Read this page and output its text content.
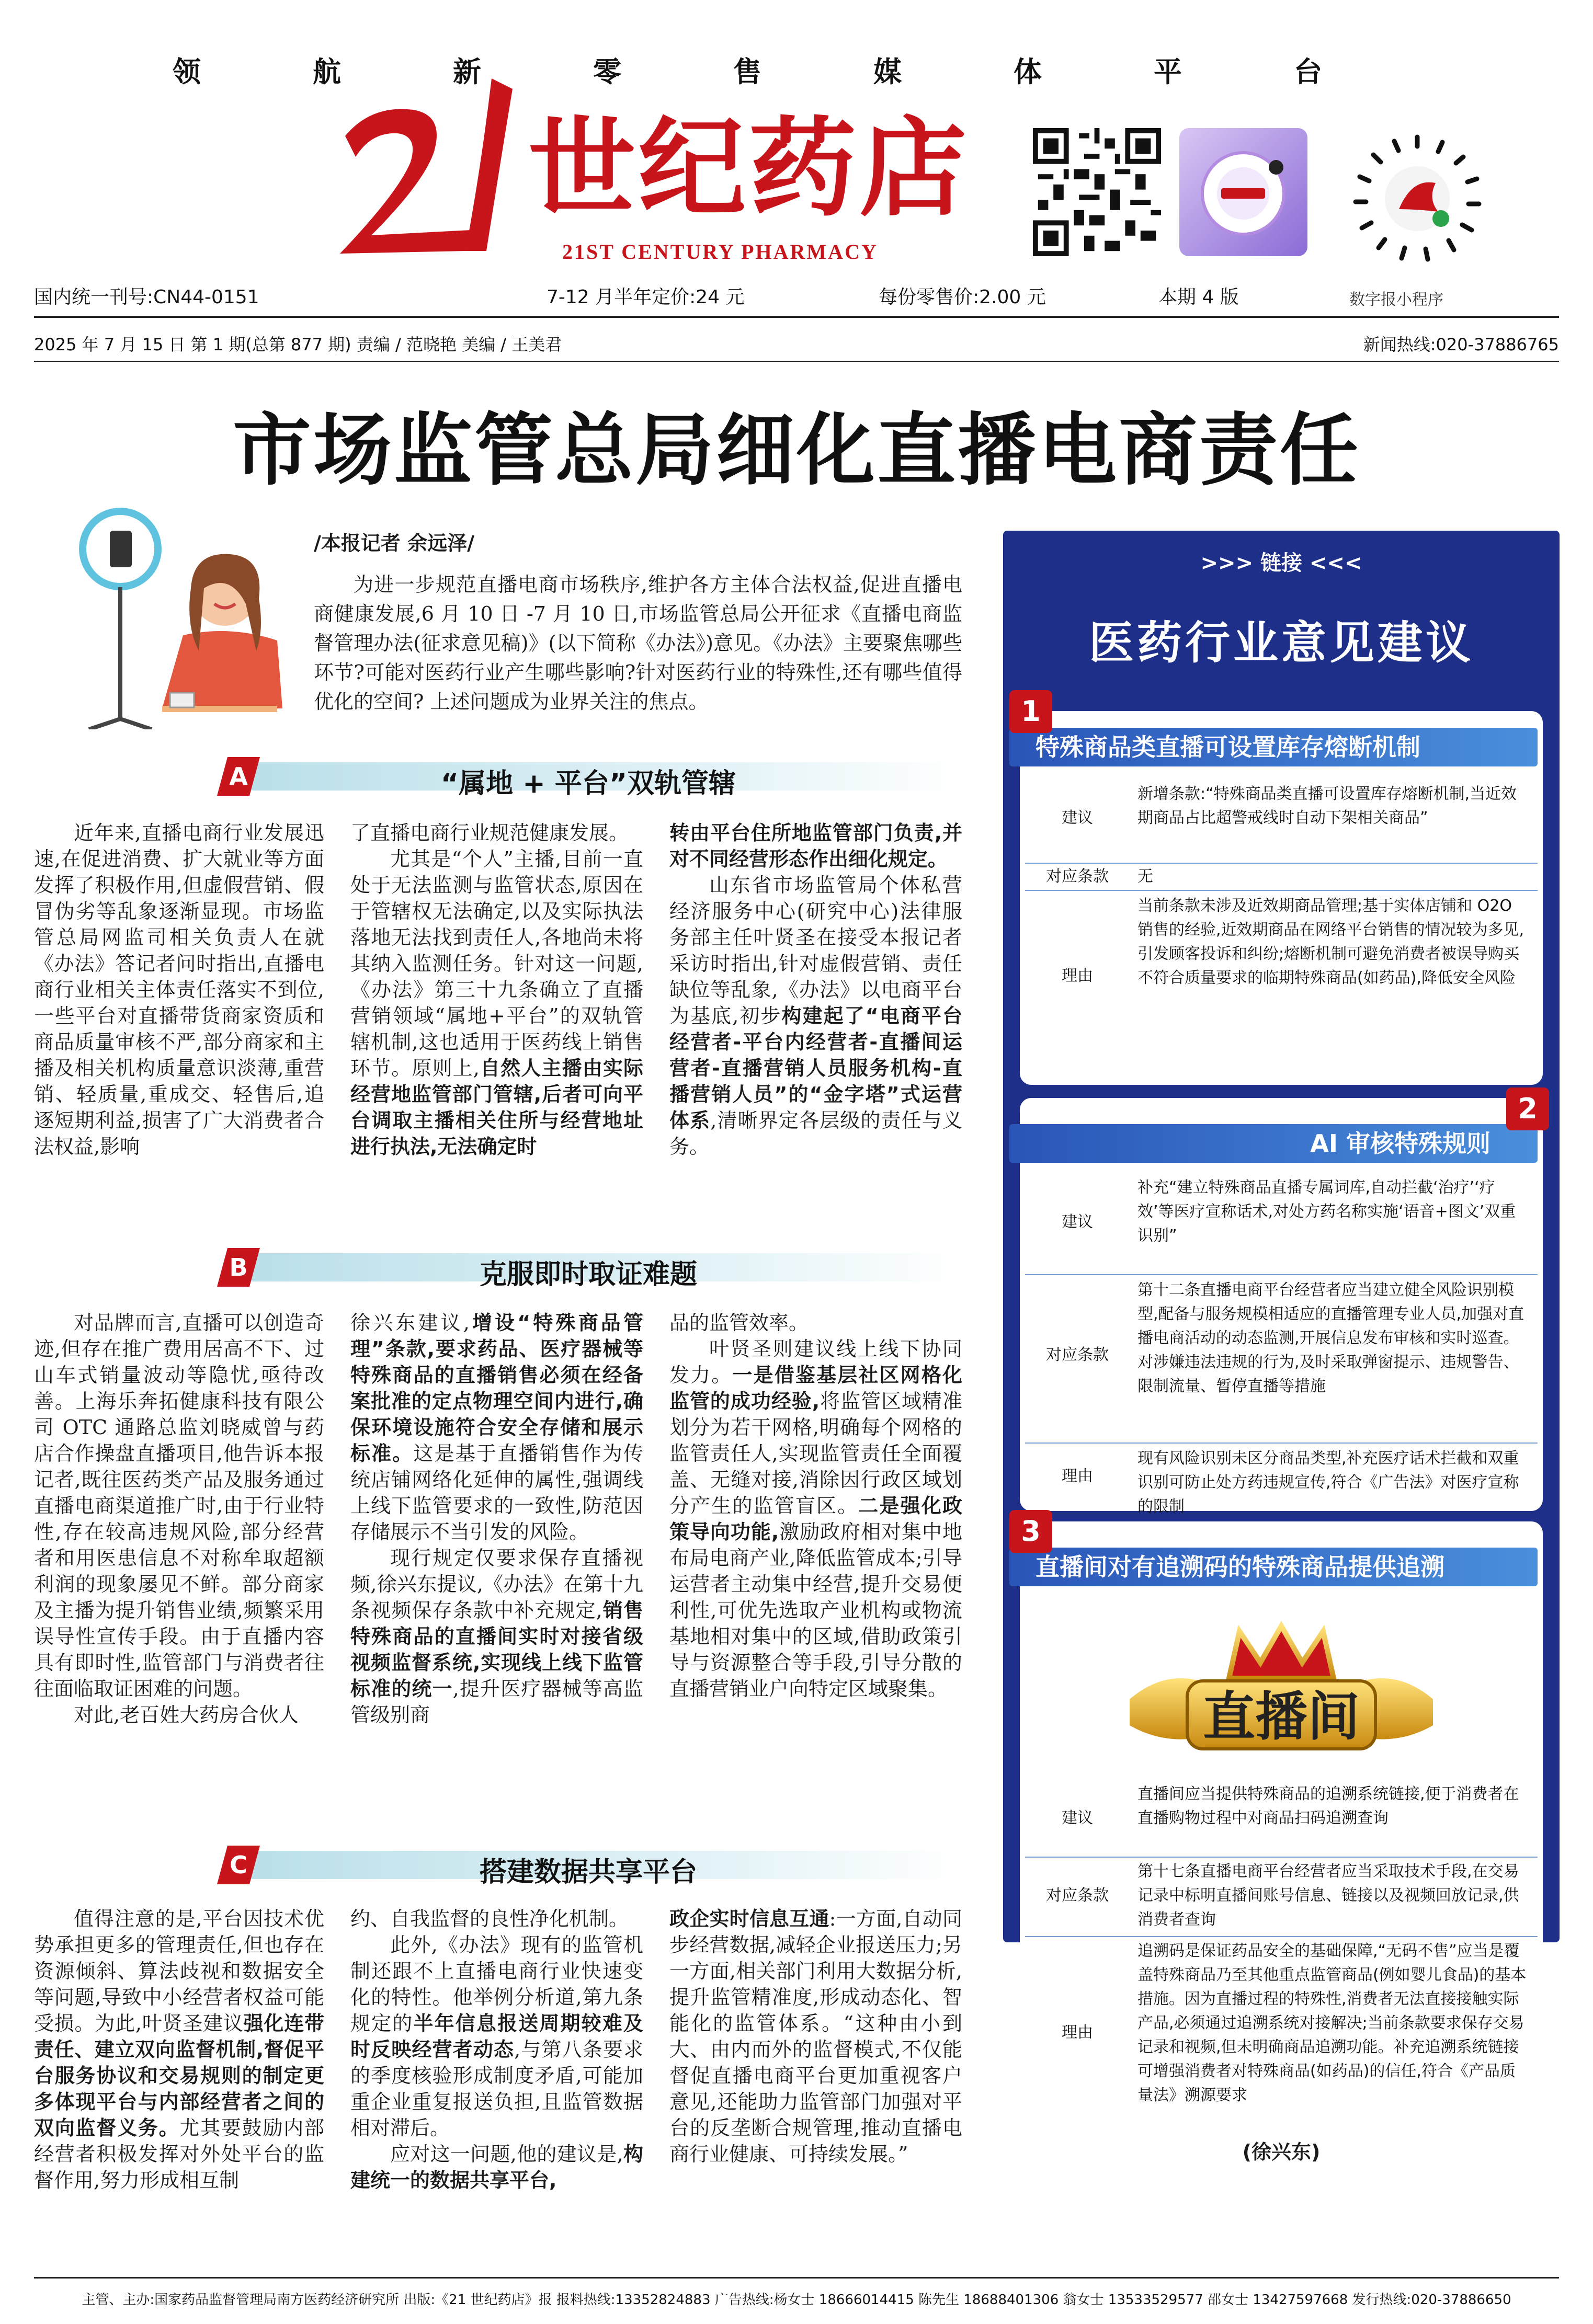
领	航	新	零	售	媒	体	平	台
世纪药店
21ST CENTURY PHARMACY
数字报小程序
国内统一刊号:CN44-0151	7-12 月半年定价:24 元	每份零售价:2.00 元	本期 4 版
2025 年 7 月 15 日 第 1 期(总第 877 期) 责编 / 范晓艳 美编 / 王美君	新闻热线:020-37886765
市场监管总局细化直播电商责任
/本报记者 余远泽/
为进一步规范直播电商市场秩序,维护各方主体合法权益,促进直播电商健康发展,6 月 10 日 -7 月 10 日,市场监管总局公开征求《直播电商监督管理办法(征求意见稿)》(以下简称《办法》)意见。《办法》主要聚焦哪些环节?可能对医药行业产生哪些影响?针对医药行业的特殊性,还有哪些值得优化的空间? 上述问题成为业界关注的焦点。
A	“属地 + 平台”双轨管辖

近年来,直播电商行业发展迅速,在促进消费、扩大就业等方面发挥了积极作用,但虚假营销、假冒伪劣等乱象逐渐显现。市场监管总局网监司相关负责人在就《办法》答记者问时指出,直播电商行业相关主体责任落实不到位,一些平台对直播带货商家资质和商品质量审核不严,部分商家和主播及相关机构质量意识淡薄,重营销、轻质量,重成交、轻售后,追逐短期利益,损害了广大消费者合法权益,影响

了直播电商行业规范健康发展。

尤其是“个人”主播,目前一直处于无法监测与监管状态,原因在于管辖权无法确定,以及实际执法落地无法找到责任人,各地尚未将其纳入监测任务。针对这一问题,《办法》第三十九条确立了直播营销领域“属地+平台”的双轨管辖机制,这也适用于医药线上销售环节。原则上,自然人主播由实际经营地监管部门管辖,后者可向平台调取主播相关住所与经营地址进行执法,无法确定时

转由平台住所地监管部门负责,并对不同经营形态作出细化规定。

山东省市场监管局个体私营经济服务中心(研究中心)法律服务部主任叶贤圣在接受本报记者采访时指出,针对虚假营销、责任缺位等乱象,《办法》以电商平台为基底,初步构建起了“电商平台经营者-平台内经营者-直播间运营者-直播营销人员服务机构-直播营销人员”的“金字塔”式运营体系,清晰界定各层级的责任与义务。

B	克服即时取证难题

对品牌而言,直播可以创造奇迹,但存在推广费用居高不下、过山车式销量波动等隐忧,亟待改善。上海乐奔拓健康科技有限公司 OTC 通路总监刘晓威曾与药店合作操盘直播项目,他告诉本报记者,既往医药类产品及服务通过直播电商渠道推广时,由于行业特性,存在较高违规风险,部分经营者和用医患信息不对称牟取超额利润的现象屡见不鲜。部分商家及主播为提升销售业绩,频繁采用误导性宣传手段。由于直播内容具有即时性,监管部门与消费者往往面临取证困难的问题。

对此,老百姓大药房合伙人

徐兴东建议,增设“特殊商品管理”条款,要求药品、医疗器械等特殊商品的直播销售必须在经备案批准的定点物理空间内进行,确保环境设施符合安全存储和展示标准。这是基于直播销售作为传统店铺网络化延伸的属性,强调线上线下监管要求的一致性,防范因存储展示不当引发的风险。

现行规定仅要求保存直播视频,徐兴东提议,《办法》在第十九条视频保存条款中补充规定,销售特殊商品的直播间实时对接省级视频监督系统,实现线上线下监管标准的统一,提升医疗器械等高监管级别商

品的监管效率。

叶贤圣则建议线上线下协同发力。一是借鉴基层社区网格化监管的成功经验,将监管区域精准划分为若干网格,明确每个网格的监管责任人,实现监管责任全面覆盖、无缝对接,消除因行政区域划分产生的监管盲区。二是强化政策导向功能,激励政府相对集中地布局电商产业,降低监管成本;引导运营者主动集中经营,提升交易便利性,可优先选取产业机构或物流基地相对集中的区域,借助政策引导与资源整合等手段,引导分散的直播营销业户向特定区域聚集。

C	搭建数据共享平台

值得注意的是,平台因技术优势承担更多的管理责任,但也存在资源倾斜、算法歧视和数据安全等问题,导致中小经营者权益可能受损。为此,叶贤圣建议强化连带责任、建立双向监督机制,督促平台服务协议和交易规则的制定更多体现平台与内部经营者之间的双向监督义务。尤其要鼓励内部经营者积极发挥对外处平台的监督作用,努力形成相互制

约、自我监督的良性净化机制。

此外,《办法》现有的监管机制还跟不上直播电商行业快速变化的特性。他举例分析道,第九条规定的半年信息报送周期较难及时反映经营者动态,与第八条要求的季度核验形成制度矛盾,可能加重企业重复报送负担,且监管数据相对滞后。

应对这一问题,他的建议是,构建统一的数据共享平台,

政企实时信息互通:一方面,自动同步经营数据,减轻企业报送压力;另一方面,相关部门利用大数据分析,提升监管精准度,形成动态化、智能化的监管体系。“这种由小到大、由内而外的监督模式,不仅能督促直播电商平台更加重视客户意见,还能助力监管部门加强对平台的反垄断合规管理,推动直播电商行业健康、可持续发展。”

>>> 链接 <<<
医药行业意见建议
特殊商品类直播可设置库存熔断机制
1
建议
新增条款:“特殊商品类直播可设置库存熔断机制,当近效期商品占比超警戒线时自动下架相关商品”
对应条款	无
理由
当前条款未涉及近效期商品管理;基于实体店铺和 O2O 销售的经验,近效期商品在网络平台销售的情况较为多见,引发顾客投诉和纠纷;熔断机制可避免消费者被误导购买不符合质量要求的临期特殊商品(如药品),降低安全风险
AI 审核特殊规则
2
建议
补充“建立特殊商品直播专属词库,自动拦截‘治疗’‘疗效’等医疗宣称话术,对处方药名称实施‘语音+图文’双重识别”
对应条款
第十二条直播电商平台经营者应当建立健全风险识别模型,配备与服务规模相适应的直播管理专业人员,加强对直播电商活动的动态监测,开展信息发布审核和实时巡查。对涉嫌违法违规的行为,及时采取弹窗提示、违规警告、限制流量、暂停直播等措施
理由
现有风险识别未区分商品类型,补充医疗话术拦截和双重识别可防止处方药违规宣传,符合《广告法》对医疗宣称的限制
直播间对有追溯码的特殊商品提供追溯
3
直播间
建议
直播间应当提供特殊商品的追溯系统链接,便于消费者在直播购物过程中对商品扫码追溯查询
对应条款
第十七条直播电商平台经营者应当采取技术手段,在交易记录中标明直播间账号信息、链接以及视频回放记录,供消费者查询
理由
追溯码是保证药品安全的基础保障,“无码不售”应当是覆盖特殊商品乃至其他重点监管商品(例如婴儿食品)的基本措施。因为直播过程的特殊性,消费者无法直接接触实际产品,必须通过追溯系统对接解决;当前条款要求保存交易记录和视频,但未明确商品追溯功能。补充追溯系统链接可增强消费者对特殊商品(如药品)的信任,符合《产品质量法》溯源要求
(徐兴东)
主管、主办:国家药品监督管理局南方医药经济研究所 出版:《21 世纪药店》报 报料热线:13352824883 广告热线:杨女士 18666014415 陈先生 18688401306 翁女士 13533529577 邵女士 13427597668 发行热线:020-37886650
